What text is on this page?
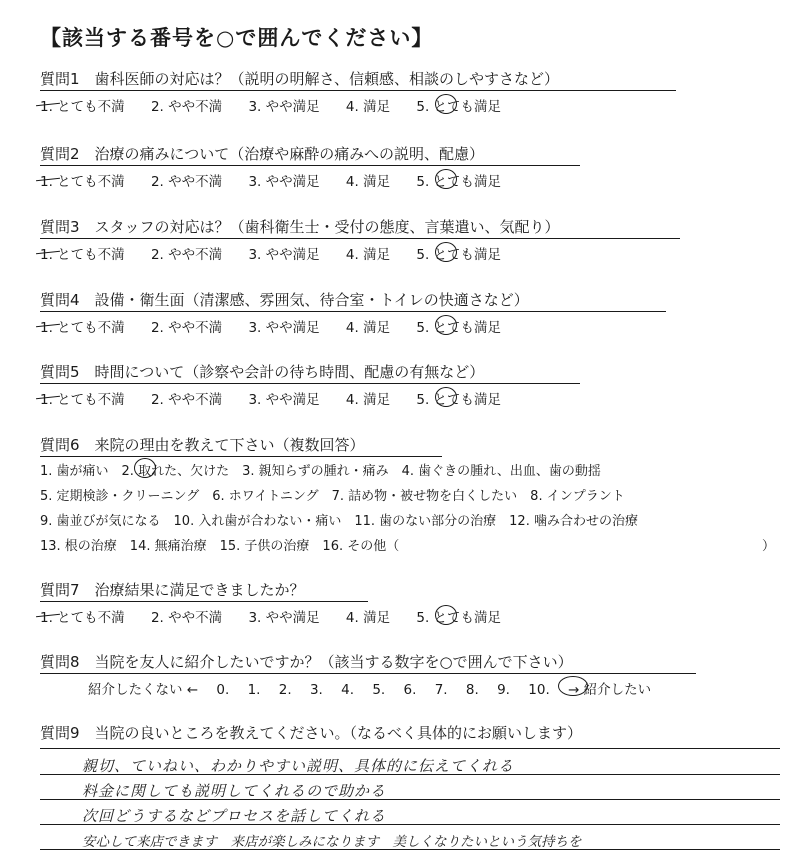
【該当する番号を○で囲んでください】
質問1　歯科医師の対応は？（説明の明解さ、信頼感、相談のしやすさなど）
1. とても不満 2. やや不満 3. やや満足 4. 満足 5. とても満足
質問2　治療の痛みについて（治療や麻酔の痛みへの説明、配慮）
1. とても不満 2. やや不満 3. やや満足 4. 満足 5. とても満足
質問3　スタッフの対応は？（歯科衛生士・受付の態度、言葉遣い、気配り）
1. とても不満 2. やや不満 3. やや満足 4. 満足 5. とても満足
質問4　設備・衛生面（清潔感、雰囲気、待合室・トイレの快適さなど）
1. とても不満 2. やや不満 3. やや満足 4. 満足 5. とても満足
質問5　時間について（診察や会計の待ち時間、配慮の有無など）
1. とても不満 2. やや不満 3. やや満足 4. 満足 5. とても満足
質問6　来院の理由を教えて下さい（複数回答）
1. 歯が痛い　2. 取れた、欠けた　3. 親知らずの腫れ・痛み　4. 歯ぐきの腫れ、出血、歯の動揺
5. 定期検診・クリーニング　6. ホワイトニング　7. 詰め物・被せ物を白くしたい　8. インプラント
9. 歯並びが気になる　10. 入れ歯が合わない・痛い　11. 歯のない部分の治療　12. 噛み合わせの治療
13. 根の治療　14. 無痛治療　15. 子供の治療　16. その他（	）
質問7　治療結果に満足できましたか？
1. とても不満 2. やや不満 3. やや満足 4. 満足 5. とても満足
質問8　当院を友人に紹介したいですか？（該当する数字を○で囲んで下さい）
紹介したくない ← 0. 1. 2. 3. 4. 5. 6. 7. 8. 9. 10. → 紹介したい
質問9　当院の良いところを教えてください。（なるべく具体的にお願いします）
親切、ていねい、わかりやすい説明、具体的に伝えてくれる
料金に関しても説明してくれるので助かる
次回どうするなどプロセスを話してくれる
安心して来店できます　来店が楽しみになります　美しくなりたいという気持ちを
